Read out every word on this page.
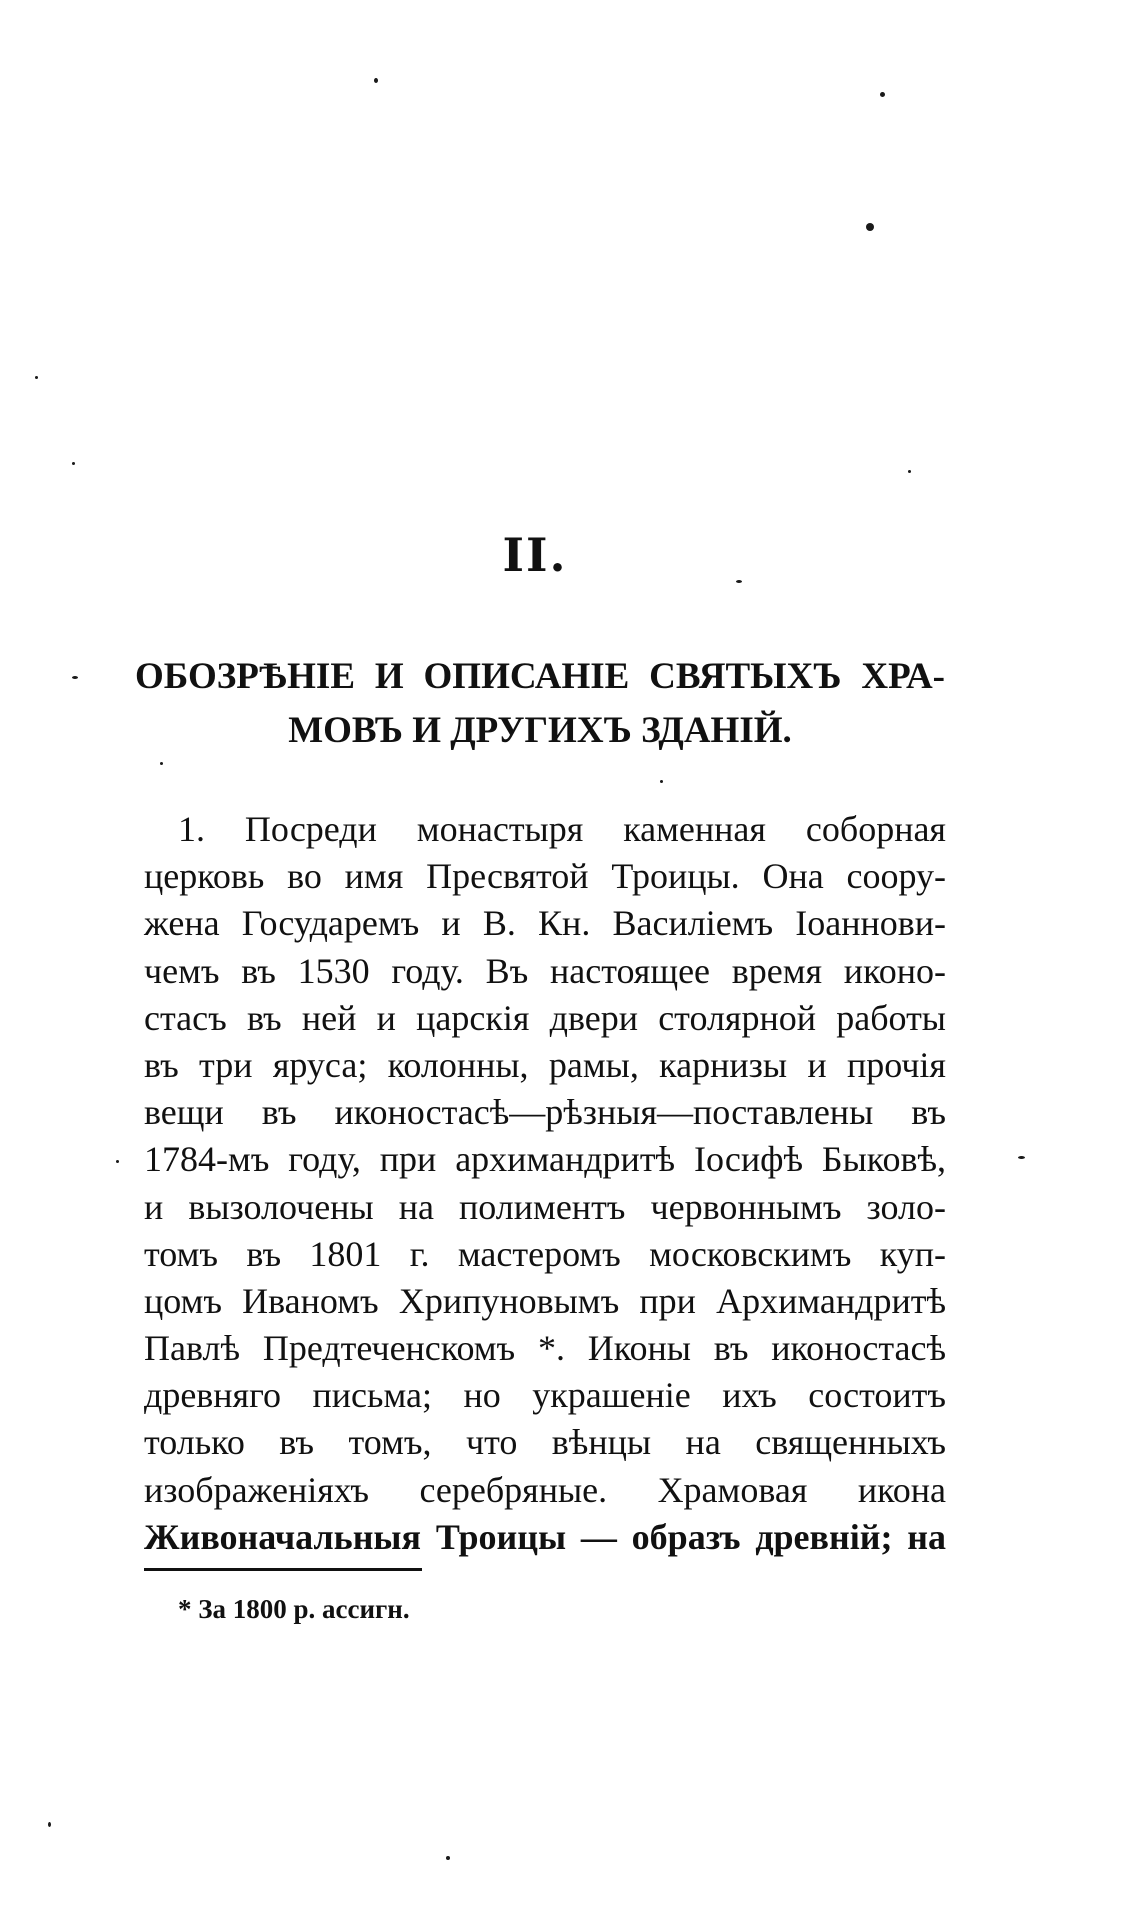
II.
ОБОЗРѢНІЕ И ОПИСАНІЕ СВЯТЫХЪ ХРА-
МОВЪ И ДРУГИХЪ ЗДАНІЙ.
1. Посреди монастыря каменная соборная
церковь во имя Пресвятой Троицы. Она соору-
жена Государемъ и В. Кн. Василіемъ Іоаннови-
чемъ въ 1530 году. Въ настоящее время иконо-
стасъ въ ней и царскія двери столярной работы
въ три яруса; колонны, рамы, карнизы и прочія
вещи въ иконостасѣ—рѣзныя—поставлены въ
1784-мъ году, при архимандритѣ Іосифѣ Быковѣ,
и вызолочены на полиментъ червоннымъ золо-
томъ въ 1801 г. мастеромъ московскимъ куп-
цомъ Иваномъ Хрипуновымъ при Архимандритѣ
Павлѣ Предтеченскомъ *. Иконы въ иконостасѣ
древняго письма; но украшеніе ихъ состоитъ
только въ томъ, что вѣнцы на священныхъ
изображеніяхъ серебряные. Храмовая икона
Живоначальныя Троицы — образъ древній; на

* За 1800 р. ассигн.
